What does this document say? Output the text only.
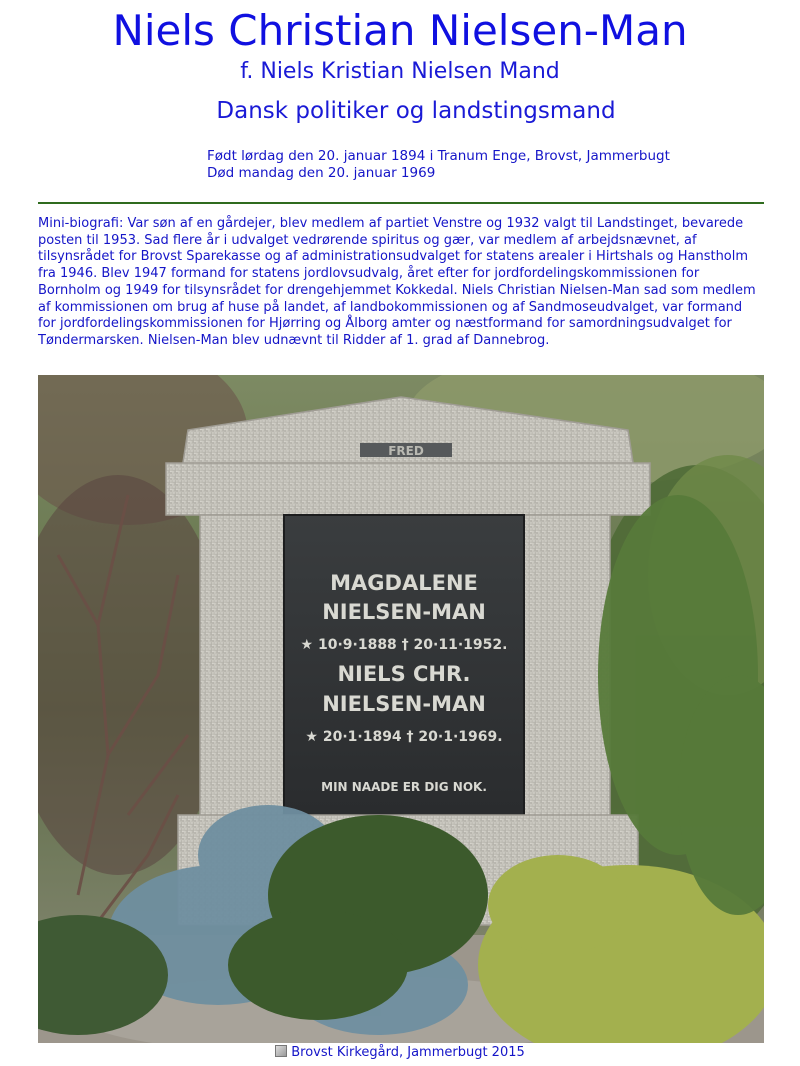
Niels Christian Nielsen-Man
f. Niels Kristian Nielsen Mand
Dansk politiker og landstingsmand
Født lørdag den 20. januar 1894 i Tranum Enge, Brovst, Jammerbugt
Død mandag den 20. januar 1969

Mini-biografi: Var søn af en gårdejer, blev medlem af partiet Venstre og 1932 valgt til Landstinget, bevarede posten til 1953. Sad flere år i udvalget vedrørende spiritus og gær, var medlem af arbejdsnævnet, af tilsynsrådet for Brovst Sparekasse og af administrationsudvalget for statens arealer i Hirtshals og Hanstholm fra 1946. Blev 1947 formand for statens jordlovsudvalg, året efter for jordfordelingskommissionen for Bornholm og 1949 for tilsynsrådet for drengehjemmet Kokkedal. Niels Christian Nielsen-Man sad som medlem af kommissionen om brug af huse på landet, af landbokommissionen og af Sandmoseudvalget, var formand for jordfordelingskommissionen for Hjørring og Ålborg amter og næstformand for samordningsudvalget for Tøndermarsken. Nielsen-Man blev udnævnt til Ridder af 1. grad af Dannebrog.

FRED
MAGDALENE
NIELSEN-MAN
★ 10·9·1888 † 20·11·1952.
NIELS CHR.
NIELSEN-MAN
★ 20·1·1894 † 20·1·1969.
MIN NAADE ER DIG NOK.
Brovst Kirkegård, Jammerbugt 2015
